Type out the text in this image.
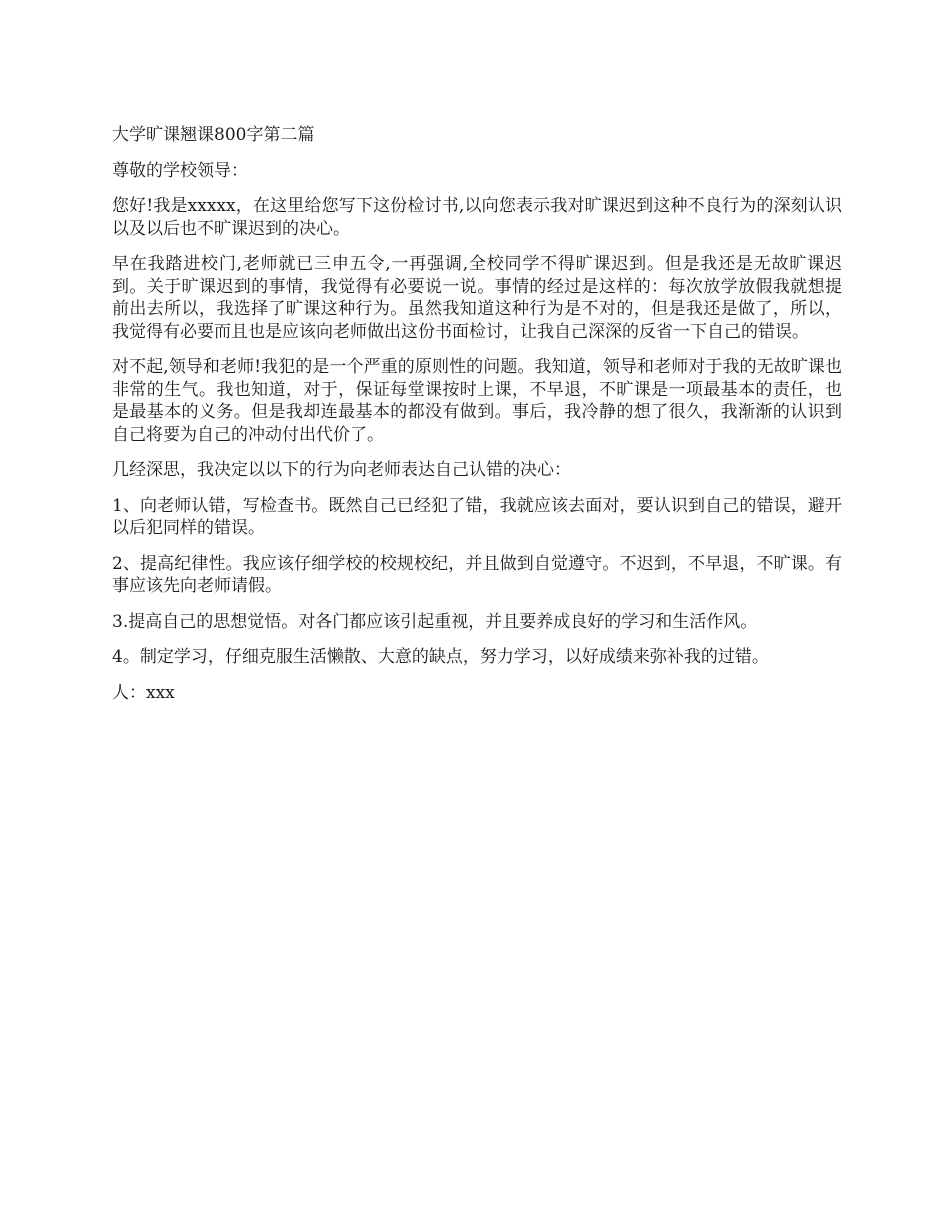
大学旷课翘课800字第二篇

尊敬的学校领导：

您好!我是xxxxx，在这里给您写下这份检讨书,以向您表示我对旷课迟到这种不良行为的深刻认识以及以后也不旷课迟到的决心。

早在我踏进校门,老师就已三申五令,一再强调,全校同学不得旷课迟到。但是我还是无故旷课迟到。关于旷课迟到的事情，我觉得有必要说一说。事情的经过是这样的：每次放学放假我就想提前出去所以，我选择了旷课这种行为。虽然我知道这种行为是不对的，但是我还是做了，所以，我觉得有必要而且也是应该向老师做出这份书面检讨，让我自己深深的反省一下自己的错误。

对不起,领导和老师!我犯的是一个严重的原则性的问题。我知道，领导和老师对于我的无故旷课也非常的生气。我也知道，对于，保证每堂课按时上课，不早退，不旷课是一项最基本的责任，也是最基本的义务。但是我却连最基本的都没有做到。事后，我冷静的想了很久，我渐渐的认识到自己将要为自己的冲动付出代价了。

几经深思，我决定以以下的行为向老师表达自己认错的决心：

1、向老师认错，写检查书。既然自己已经犯了错，我就应该去面对，要认识到自己的错误，避开以后犯同样的错误。

2、提高纪律性。我应该仔细学校的校规校纪，并且做到自觉遵守。不迟到，不早退，不旷课。有事应该先向老师请假。

3.提高自己的思想觉悟。对各门都应该引起重视，并且要养成良好的学习和生活作风。

4。制定学习，仔细克服生活懒散、大意的缺点，努力学习，以好成绩来弥补我的过错。

人：xxx
